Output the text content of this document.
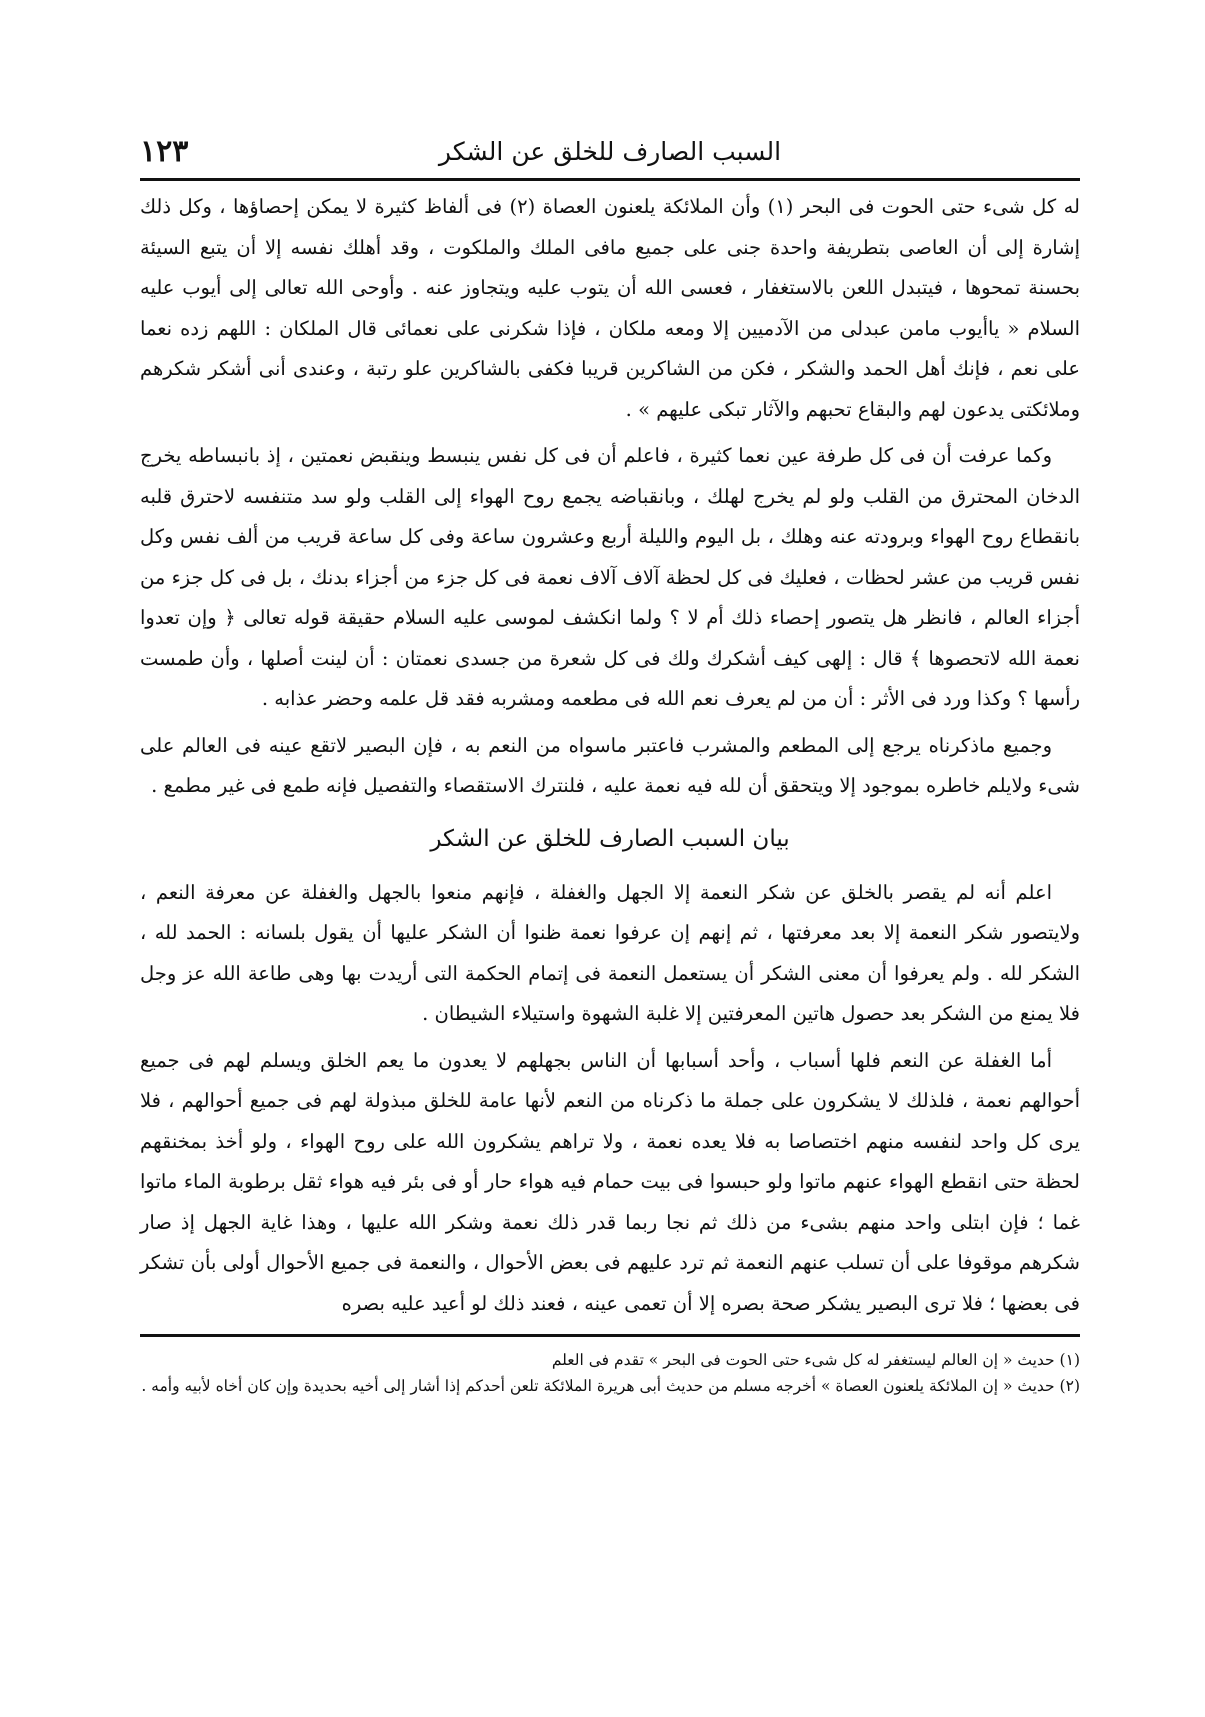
١٢٣	السبب الصارف للخلق عن الشكر

له كل شىء حتى الحوت فى البحر (١) وأن الملائكة يلعنون العصاة (٢) فى ألفاظ كثيرة لا يمكن إحصاؤها ، وكل ذلك إشارة إلى أن العاصى بتطريفة واحدة جنى على جميع مافى الملك والملكوت ، وقد أهلك نفسه إلا أن يتبع السيئة بحسنة تمحوها ، فيتبدل اللعن بالاستغفار ، فعسى الله أن يتوب عليه ويتجاوز عنه . وأوحى الله تعالى إلى أيوب عليه السلام « ياأيوب مامن عبدلى من الآدميين إلا ومعه ملكان ، فإذا شكرنى على نعمائى قال الملكان : اللهم زده نعما على نعم ، فإنك أهل الحمد والشكر ، فكن من الشاكرين قريبا فكفى بالشاكرين علو رتبة ، وعندى أنى أشكر شكرهم وملائكتى يدعون لهم والبقاع تحبهم والآثار تبكى عليهم » .

وكما عرفت أن فى كل طرفة عين نعما كثيرة ، فاعلم أن فى كل نفس ينبسط وينقبض نعمتين ، إذ بانبساطه يخرج الدخان المحترق من القلب ولو لم يخرج لهلك ، وبانقباضه يجمع روح الهواء إلى القلب ولو سد متنفسه لاحترق قلبه بانقطاع روح الهواء وبرودته عنه وهلك ، بل اليوم والليلة أربع وعشرون ساعة وفى كل ساعة قريب من ألف نفس وكل نفس قريب من عشر لحظات ، فعليك فى كل لحظة آلاف آلاف نعمة فى كل جزء من أجزاء بدنك ، بل فى كل جزء من أجزاء العالم ، فانظر هل يتصور إحصاء ذلك أم لا ؟ ولما انكشف لموسى عليه السلام حقيقة قوله تعالى ﴿ وإن تعدوا نعمة الله لاتحصوها ﴾ قال : إلهى كيف أشكرك ولك فى كل شعرة من جسدى نعمتان : أن لينت أصلها ، وأن طمست رأسها ؟ وكذا ورد فى الأثر : أن من لم يعرف نعم الله فى مطعمه ومشربه فقد قل علمه وحضر عذابه .

وجميع ماذكرناه يرجع إلى المطعم والمشرب فاعتبر ماسواه من النعم به ، فإن البصير لاتقع عينه فى العالم على شىء ولايلم خاطره بموجود إلا ويتحقق أن لله فيه نعمة عليه ، فلنترك الاستقصاء والتفصيل فإنه طمع فى غير مطمع .

بيان السبب الصارف للخلق عن الشكر

اعلم أنه لم يقصر بالخلق عن شكر النعمة إلا الجهل والغفلة ، فإنهم منعوا بالجهل والغفلة عن معرفة النعم ، ولايتصور شكر النعمة إلا بعد معرفتها ، ثم إنهم إن عرفوا نعمة ظنوا أن الشكر عليها أن يقول بلسانه : الحمد لله ، الشكر لله . ولم يعرفوا أن معنى الشكر أن يستعمل النعمة فى إتمام الحكمة التى أريدت بها وهى طاعة الله عز وجل فلا يمنع من الشكر بعد حصول هاتين المعرفتين إلا غلبة الشهوة واستيلاء الشيطان .

أما الغفلة عن النعم فلها أسباب ، وأحد أسبابها أن الناس بجهلهم لا يعدون ما يعم الخلق ويسلم لهم فى جميع أحوالهم نعمة ، فلذلك لا يشكرون على جملة ما ذكرناه من النعم لأنها عامة للخلق مبذولة لهم فى جميع أحوالهم ، فلا يرى كل واحد لنفسه منهم اختصاصا به فلا يعده نعمة ، ولا تراهم يشكرون الله على روح الهواء ، ولو أخذ بمخنقهم لحظة حتى انقطع الهواء عنهم ماتوا ولو حبسوا فى بيت حمام فيه هواء حار أو فى بئر فيه هواء ثقل برطوبة الماء ماتوا غما ؛ فإن ابتلى واحد منهم بشىء من ذلك ثم نجا ربما قدر ذلك نعمة وشكر الله عليها ، وهذا غاية الجهل إذ صار شكرهم موقوفا على أن تسلب عنهم النعمة ثم ترد عليهم فى بعض الأحوال ، والنعمة فى جميع الأحوال أولى بأن تشكر فى بعضها ؛ فلا ترى البصير يشكر صحة بصره إلا أن تعمى عينه ، فعند ذلك لو أعيد عليه بصره

(١) حديث « إن العالم ليستغفر له كل شىء حتى الحوت فى البحر » تقدم فى العلم
(٢) حديث « إن الملائكة يلعنون العصاة » أخرجه مسلم من حديث أبى هريرة الملائكة تلعن أحدكم إذا أشار إلى أخيه بحديدة وإن كان أخاه لأبيه وأمه .
